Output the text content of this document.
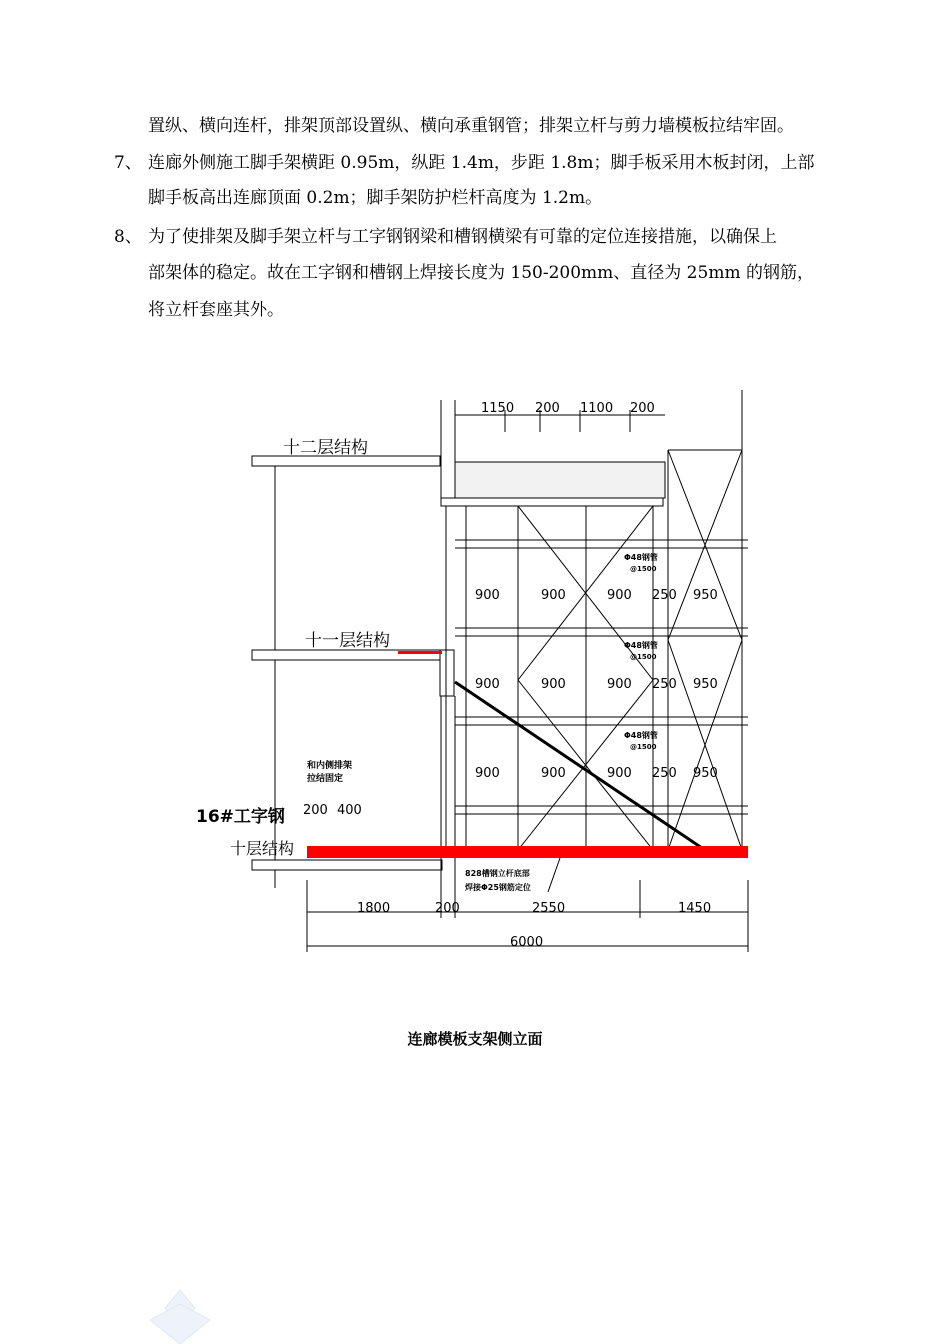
置纵、横向连杆，排架顶部设置纵、横向承重钢管；排架立杆与剪力墙模板拉结牢固。
7、 连廊外侧施工脚手架横距 0.95m，纵距 1.4m，步距 1.8m；脚手板采用木板封闭，上部
脚手板高出连廊顶面 0.2m；脚手架防护栏杆高度为 1.2m。
8、 为了使排架及脚手架立杆与工字钢钢梁和槽钢横梁有可靠的定位连接措施，以确保上
部架体的稳定。故在工字钢和槽钢上焊接长度为 150-200mm、直径为 25mm 的钢筋，
将立杆套座其外。
十二层结构
十一层结构
十层结构
16#工字钢
1150 200 1100 200
900	900	900 250 950
900	900	900 250 950
900	900	900 250 950
Φ48钢管
@1500
Φ48钢管
@1500
Φ48钢管
@1500
和内侧排架
拉结固定
200 400
828槽钢立杆底部
焊接Φ25钢筋定位
1800	200	2550	1450
6000
连廊模板支架侧立面
